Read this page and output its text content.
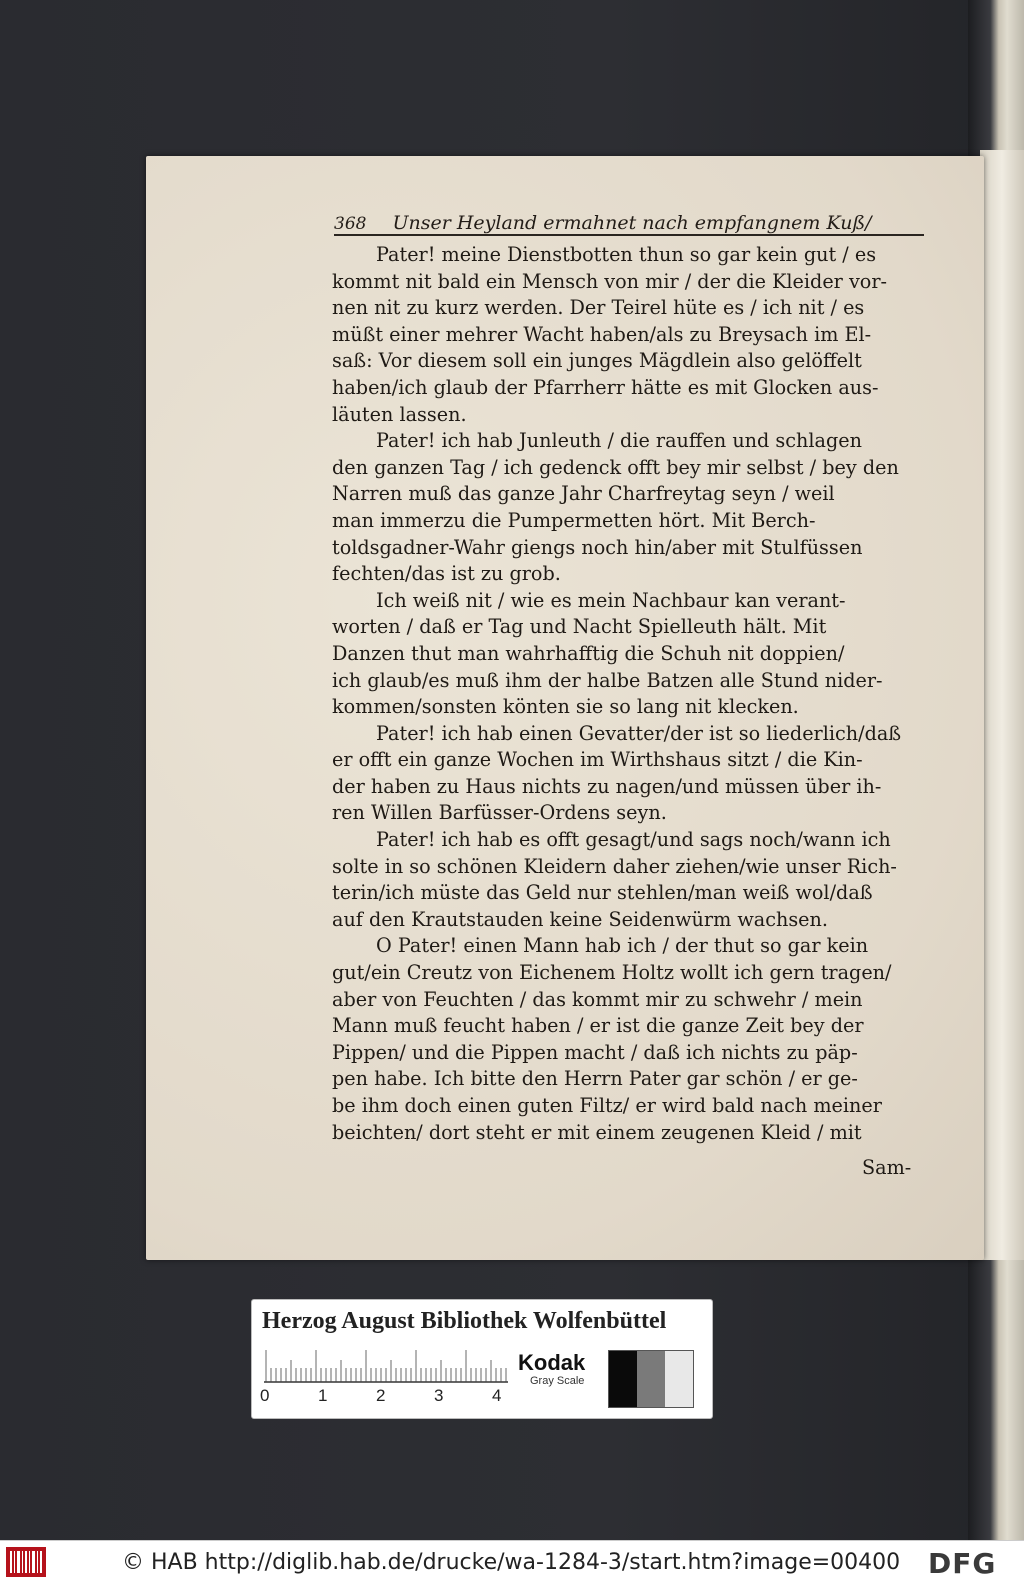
368 Unser Heyland ermahnet nach empfangnem Kuß/
Pater! meine Dienstbotten thun so gar kein gut / es
kommt nit bald ein Mensch von mir / der die Kleider vor-
nen nit zu kurz werden. Der Teirel hüte es / ich nit / es
müßt einer mehrer Wacht haben/als zu Breysach im El-
saß: Vor diesem soll ein junges Mägdlein also gelöffelt
haben/ich glaub der Pfarrherr hätte es mit Glocken aus-
läuten lassen.
Pater! ich hab Junleuth / die rauffen und schlagen
den ganzen Tag / ich gedenck offt bey mir selbst / bey den
Narren muß das ganze Jahr Charfreytag seyn / weil
man immerzu die Pumpermetten hört. Mit Berch-
toldsgadner-Wahr giengs noch hin/aber mit Stulfüssen
fechten/das ist zu grob.
Ich weiß nit / wie es mein Nachbaur kan verant-
worten / daß er Tag und Nacht Spielleuth hält. Mit
Danzen thut man wahrhafftig die Schuh nit doppien/
ich glaub/es muß ihm der halbe Batzen alle Stund nider-
kommen/sonsten könten sie so lang nit klecken.
Pater! ich hab einen Gevatter/der ist so liederlich/daß
er offt ein ganze Wochen im Wirthshaus sitzt / die Kin-
der haben zu Haus nichts zu nagen/und müssen über ih-
ren Willen Barfüsser-Ordens seyn.
Pater! ich hab es offt gesagt/und sags noch/wann ich
solte in so schönen Kleidern daher ziehen/wie unser Rich-
terin/ich müste das Geld nur stehlen/man weiß wol/daß
auf den Krautstauden keine Seidenwürm wachsen.
O Pater! einen Mann hab ich / der thut so gar kein
gut/ein Creutz von Eichenem Holtz wollt ich gern tragen/
aber von Feuchten / das kommt mir zu schwehr / mein
Mann muß feucht haben / er ist die ganze Zeit bey der
Pippen/ und die Pippen macht / daß ich nichts zu päp-
pen habe. Ich bitte den Herrn Pater gar schön / er ge-
be ihm doch einen guten Filtz/ er wird bald nach meiner
beichten/ dort steht er mit einem zeugenen Kleid / mit
Sam-
Herzog August Bibliothek Wolfenbüttel
0	1	2	3	4
Kodak
Gray Scale
© HAB http://diglib.hab.de/drucke/wa-1284-3/start.htm?image=00400 DFG
